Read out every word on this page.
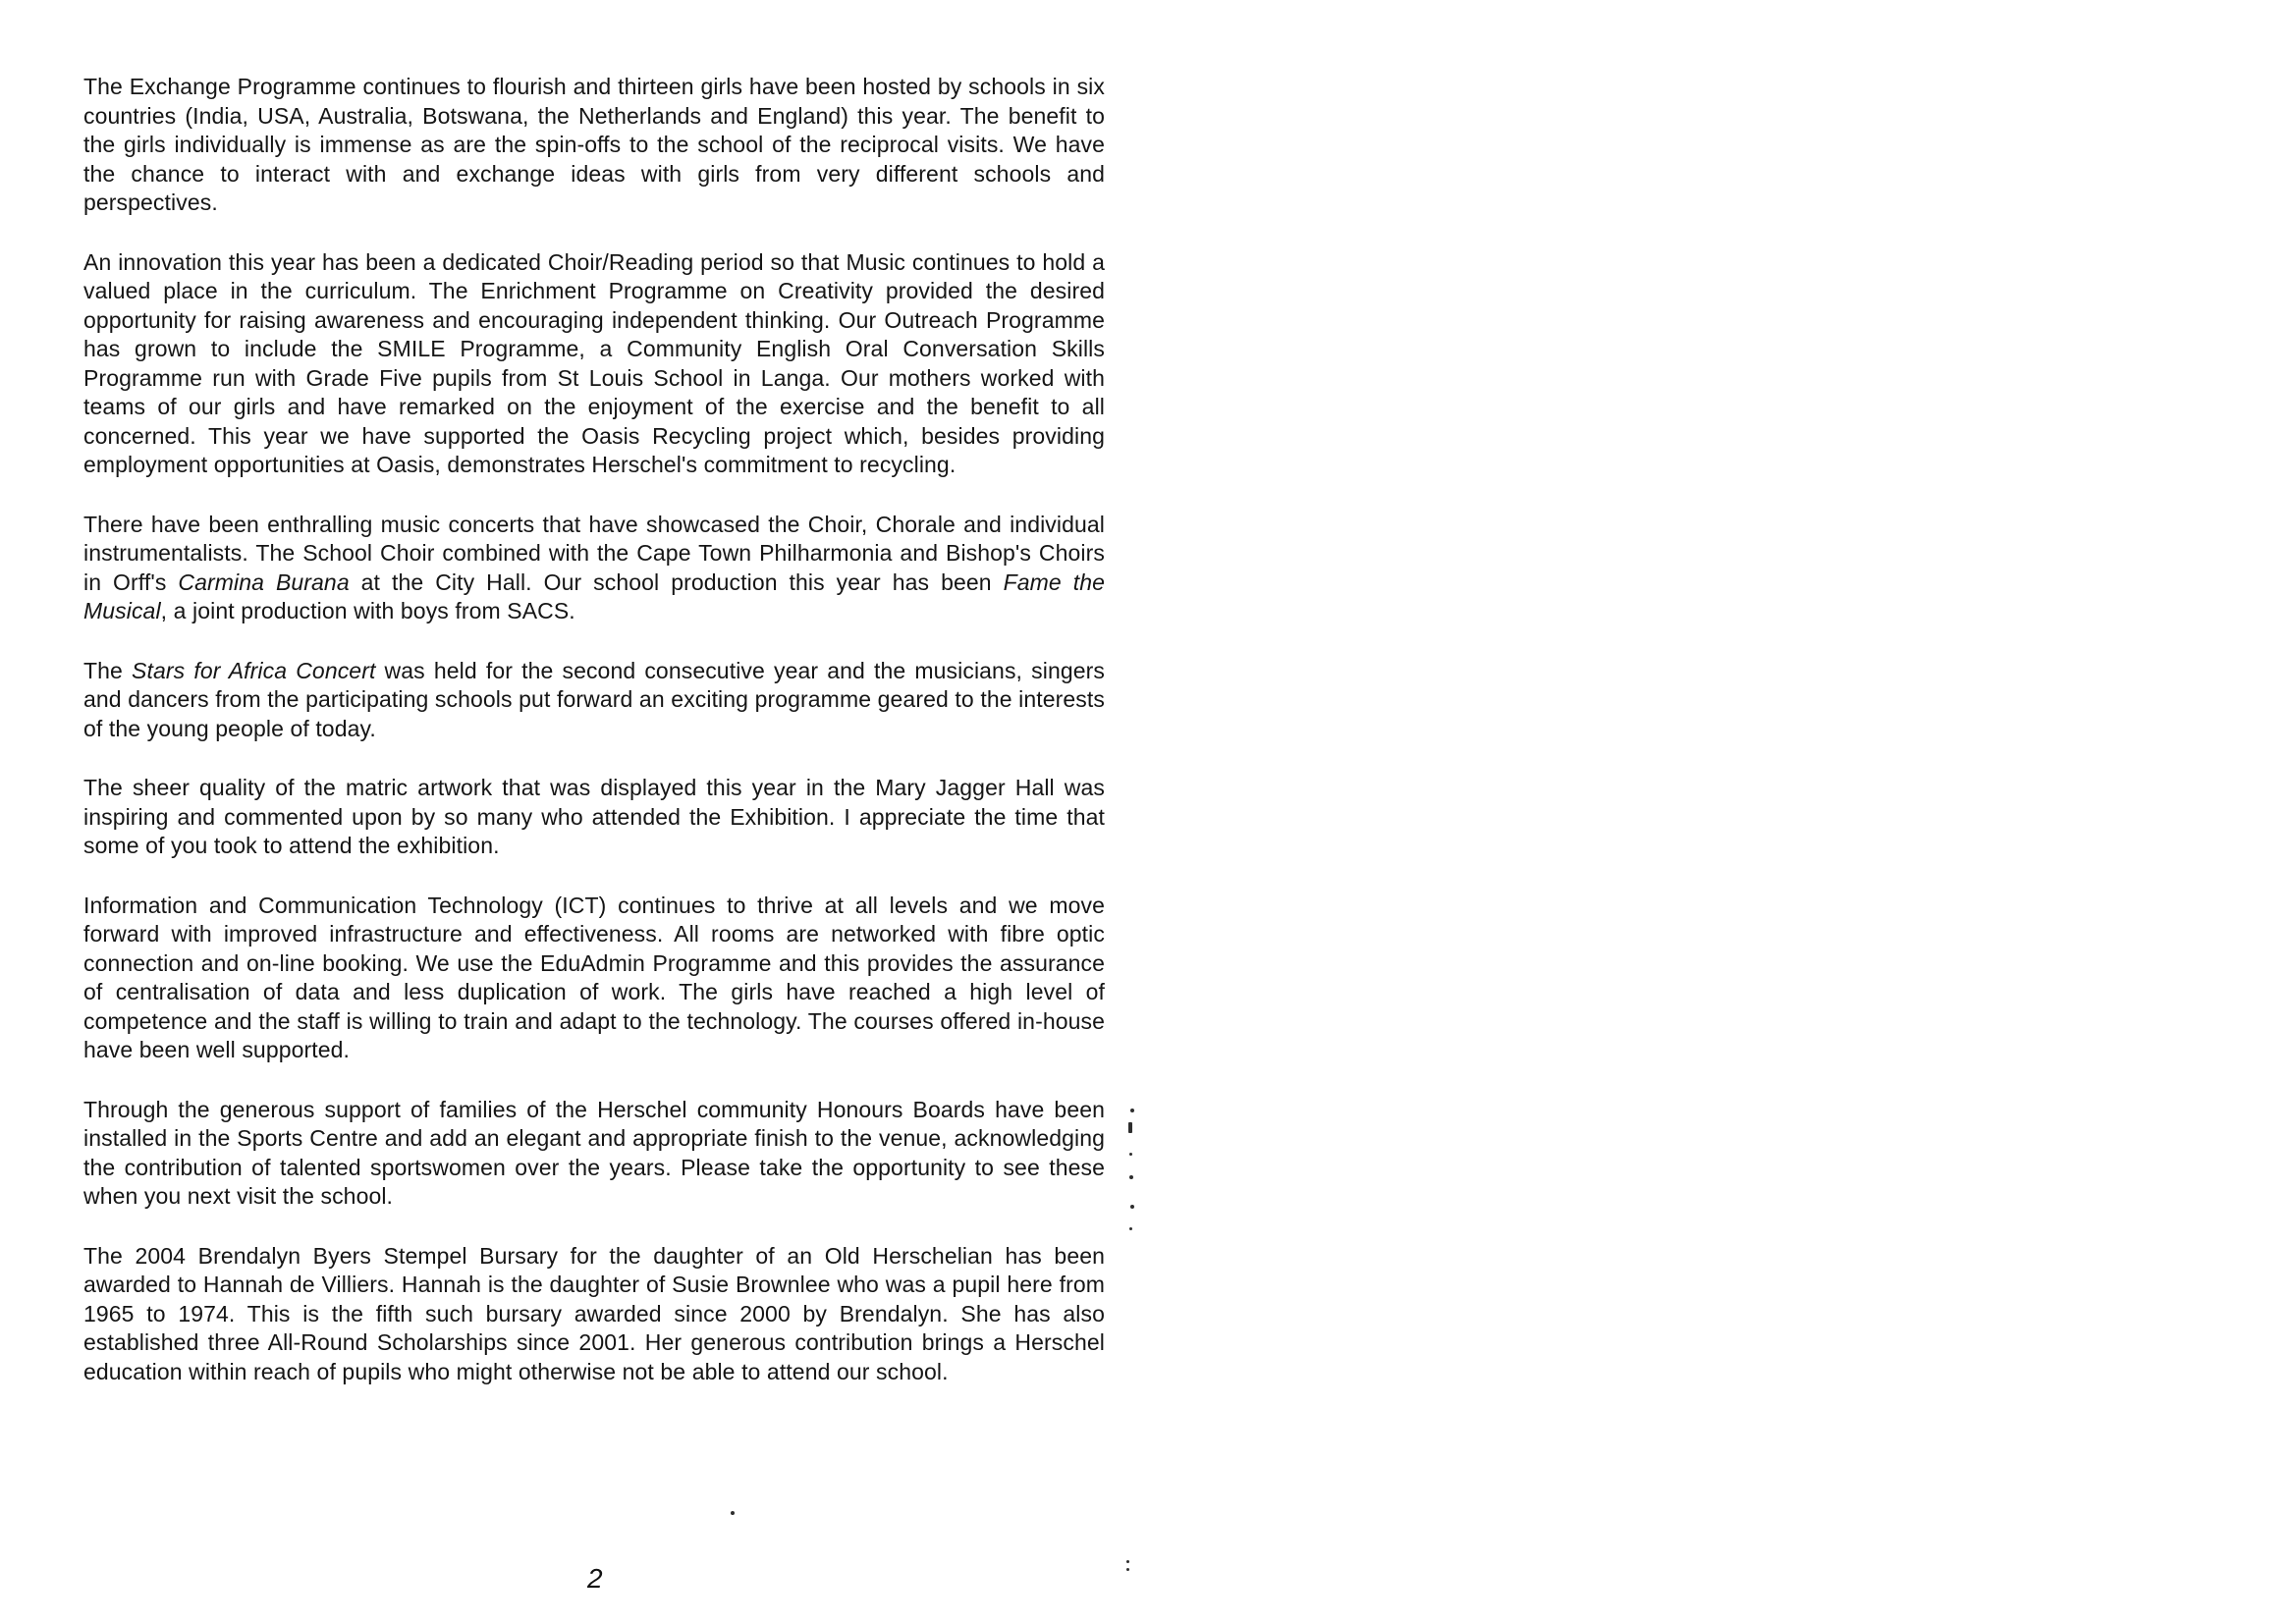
The Exchange Programme continues to flourish and thirteen girls have been hosted by schools in six countries (India, USA, Australia, Botswana, the Netherlands and England) this year. The benefit to the girls individually is immense as are the spin-offs to the school of the reciprocal visits. We have the chance to interact with and exchange ideas with girls from very different schools and perspectives.

An innovation this year has been a dedicated Choir/Reading period so that Music continues to hold a valued place in the curriculum. The Enrichment Programme on Creativity provided the desired opportunity for raising awareness and encouraging independent thinking. Our Outreach Programme has grown to include the SMILE Programme, a Community English Oral Conversation Skills Programme run with Grade Five pupils from St Louis School in Langa. Our mothers worked with teams of our girls and have remarked on the enjoyment of the exercise and the benefit to all concerned. This year we have supported the Oasis Recycling project which, besides providing employment opportunities at Oasis, demonstrates Herschel's commitment to recycling.

There have been enthralling music concerts that have showcased the Choir, Chorale and individual instrumentalists. The School Choir combined with the Cape Town Philharmonia and Bishop's Choirs in Orff's Carmina Burana at the City Hall. Our school production this year has been Fame the Musical, a joint production with boys from SACS.

The Stars for Africa Concert was held for the second consecutive year and the musicians, singers and dancers from the participating schools put forward an exciting programme geared to the interests of the young people of today.

The sheer quality of the matric artwork that was displayed this year in the Mary Jagger Hall was inspiring and commented upon by so many who attended the Exhibition. I appreciate the time that some of you took to attend the exhibition.

Information and Communication Technology (ICT) continues to thrive at all levels and we move forward with improved infrastructure and effectiveness. All rooms are networked with fibre optic connection and on-line booking. We use the EduAdmin Programme and this provides the assurance of centralisation of data and less duplication of work. The girls have reached a high level of competence and the staff is willing to train and adapt to the technology. The courses offered in-house have been well supported.

Through the generous support of families of the Herschel community Honours Boards have been installed in the Sports Centre and add an elegant and appropriate finish to the venue, acknowledging the contribution of talented sportswomen over the years. Please take the opportunity to see these when you next visit the school.

The 2004 Brendalyn Byers Stempel Bursary for the daughter of an Old Herschelian has been awarded to Hannah de Villiers. Hannah is the daughter of Susie Brownlee who was a pupil here from 1965 to 1974. This is the fifth such bursary awarded since 2000 by Brendalyn. She has also established three All-Round Scholarships since 2001. Her generous contribution brings a Herschel education within reach of pupils who might otherwise not be able to attend our school.

2
